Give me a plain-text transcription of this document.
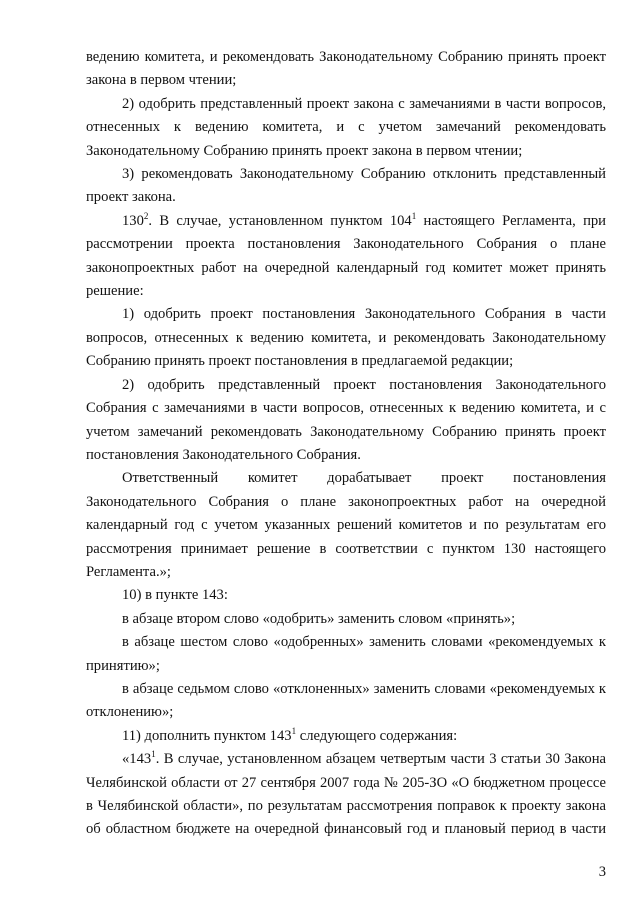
ведению комитета, и рекомендовать Законодательному Собранию принять проект закона в первом чтении;

2) одобрить представленный проект закона с замечаниями в части вопросов, отнесенных к ведению комитета, и с учетом замечаний рекомендовать Законодательному Собранию принять проект закона в первом чтении;

3) рекомендовать Законодательному Собранию отклонить представленный проект закона.

$130^2$. В случае, установленном пунктом $104^1$ настоящего Регламента, при рассмотрении проекта постановления Законодательного Собрания о плане законопроектных работ на очередной календарный год комитет может принять решение:

1) одобрить проект постановления Законодательного Собрания в части вопросов, отнесенных к ведению комитета, и рекомендовать Законодательному Собранию принять проект постановления в предлагаемой редакции;

2) одобрить представленный проект постановления Законодательного Собрания с замечаниями в части вопросов, отнесенных к ведению комитета, и с учетом замечаний рекомендовать Законодательному Собранию принять проект постановления Законодательного Собрания.

Ответственный комитет дорабатывает проект постановления Законодательного Собрания о плане законопроектных работ на очередной календарный год с учетом указанных решений комитетов и по результатам его рассмотрения принимает решение в соответствии с пунктом 130 настоящего Регламента.»;

10) в пункте 143:

в абзаце втором слово «одобрить» заменить словом «принять»;

в абзаце шестом слово «одобренных» заменить словами «рекомендуемых к принятию»;

в абзаце седьмом слово «отклоненных» заменить словами «рекомендуемых к отклонению»;

11) дополнить пунктом $143^1$ следующего содержания:

«$143^1$. В случае, установленном абзацем четвертым части 3 статьи 30 Закона Челябинской области от 27 сентября 2007 года № 205-ЗО «О бюджетном процессе в Челябинской области», по результатам рассмотрения поправок к проекту закона об областном бюджете на очередной финансовый год и плановый период в части

3
